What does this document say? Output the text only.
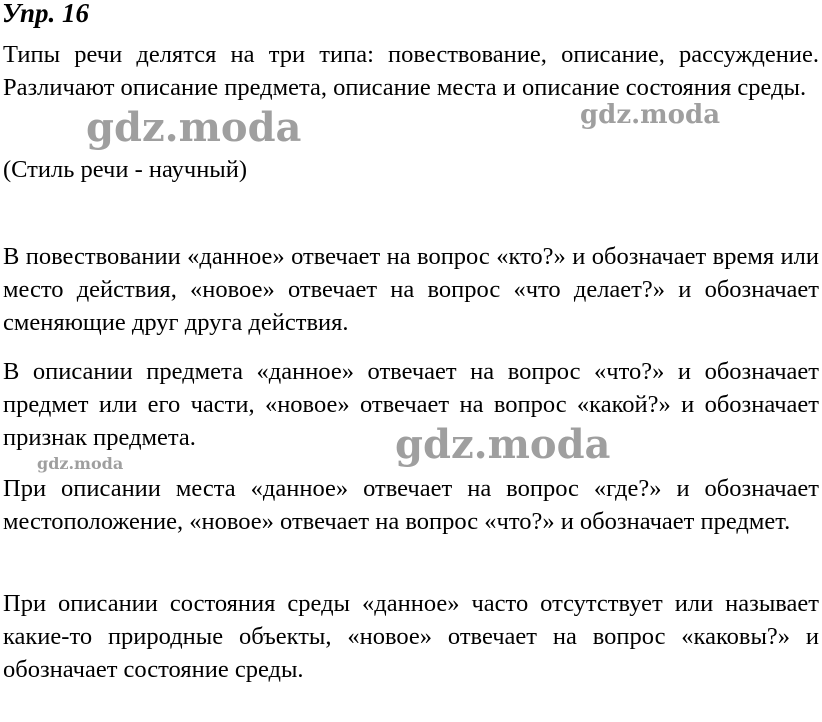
Упр. 16

Типы речи делятся на три типа: повествование, описание, рассуждение. Различают описание предмета, описание места и описание состояния среды.

(Стиль речи - научный)

В повествовании «данное» отвечает на вопрос «кто?» и обозначает время или место действия, «новое» отвечает на вопрос «что делает?» и обозначает сменяющие друг друга действия.

В описании предмета «данное» отвечает на вопрос «что?» и обозначает предмет или его части, «новое» отвечает на вопрос «какой?» и обозначает признак предмета.

При описании места «данное» отвечает на вопрос «где?» и обозначает местоположение, «новое» отвечает на вопрос «что?» и обозначает предмет.

При описании состояния среды «данное» часто отсутствует или называет какие-то природные объекты, «новое» отвечает на вопрос «каковы?» и обозначает состояние среды.

gdz.moda	gdz.moda
gdz.moda
gdz.moda
